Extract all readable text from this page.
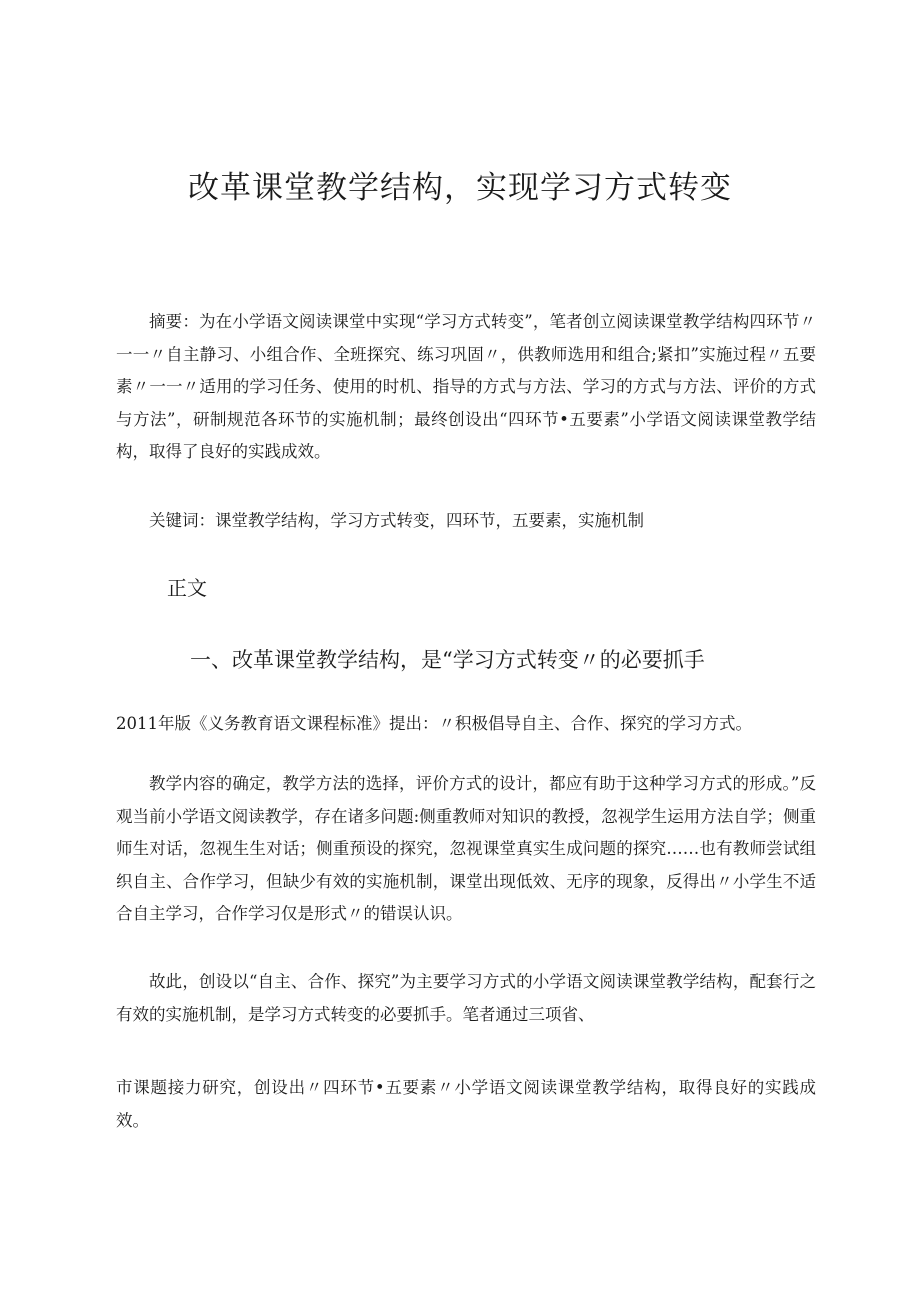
改革课堂教学结构，实现学习方式转变
摘要：为在小学语文阅读课堂中实现“学习方式转变”，笔者创立阅读课堂教学结构四环节〃一一〃自主静习、小组合作、全班探究、练习巩固〃，供教师选用和组合;紧扣”实施过程〃五要素〃一一〃适用的学习任务、使用的时机、指导的方式与方法、学习的方式与方法、评价的方式与方法”，研制规范各环节的实施机制；最终创设出“四环节•五要素”小学语文阅读课堂教学结构，取得了良好的实践成效。
关键词：课堂教学结构，学习方式转变，四环节，五要素，实施机制
正文
一、改革课堂教学结构，是“学习方式转变〃的必要抓手
2011年版《义务教育语文课程标准》提出：〃积极倡导自主、合作、探究的学习方式。
教学内容的确定，教学方法的选择，评价方式的设计，都应有助于这种学习方式的形成。”反观当前小学语文阅读教学，存在诸多问题:侧重教师对知识的教授，忽视学生运用方法自学；侧重师生对话，忽视生生对话；侧重预设的探究，忽视课堂真实生成问题的探究……也有教师尝试组织自主、合作学习，但缺少有效的实施机制，课堂出现低效、无序的现象，反得出〃小学生不适合自主学习，合作学习仅是形式〃的错误认识。
故此，创设以“自主、合作、探究”为主要学习方式的小学语文阅读课堂教学结构，配套行之有效的实施机制，是学习方式转变的必要抓手。笔者通过三项省、
市课题接力研究，创设出〃四环节•五要素〃小学语文阅读课堂教学结构，取得良好的实践成效。
